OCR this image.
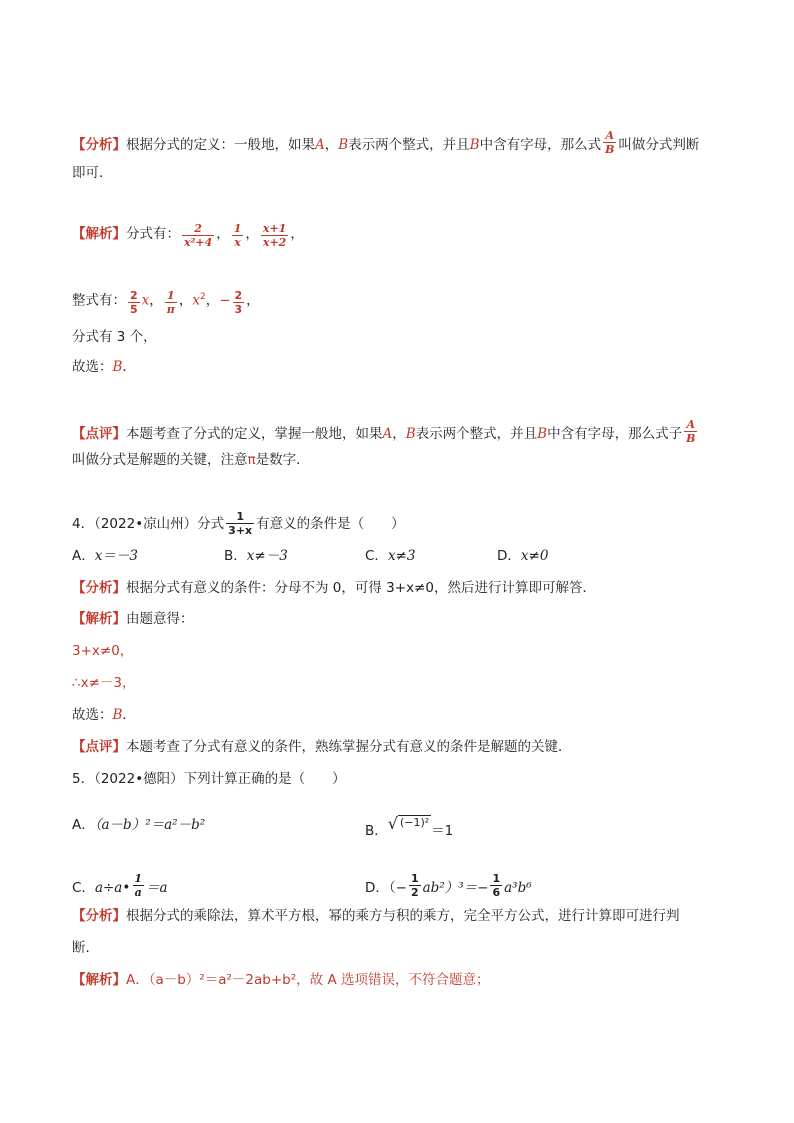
【分析】根据分式的定义：一般地，如果A，B表示两个整式，并且B中含有字母，那么式 $\frac{A}{B}$ 叫做分式判断
即可．
【解析】分式有： $\frac{2}{\text{x²+4}}$ ， $\frac{1}{x}$ ， $\frac{x+1}{x+2}$ ，
整式有： $\frac{2}{5}$ x， $\frac{1}{\pi}$ ，$x^2$，− $\frac{2}{3}$ ，
分式有 3 个，
故选：B．
【点评】本题考查了分式的定义，掌握一般地，如果A，B表示两个整式，并且B中含有字母，那么式子 $\frac{A}{B}$
叫做分式是解题的关键，注意π是数字．
4．（2022•凉山州）分式 $\frac{1}{3+x}$ 有意义的条件是（　　）
A．x＝－3	B．x≠－3	C．x≠3	D．x≠0
【分析】根据分式有意义的条件：分母不为 0，可得 3+x≠0，然后进行计算即可解答．
【解析】由题意得：
3+x≠0，
∴x≠－3，
故选：B．
【点评】本题考查了分式有意义的条件，熟练掌握分式有意义的条件是解题的关键．
5．（2022•德阳）下列计算正确的是（　　）
A．（a－b）²＝a²－b²	B． √ (−1)²
＝1
C．a÷a• $\frac{1}{a} =a$	D．（− $\frac{1}{2} ab^2)^3=- \frac{1}{6} a^3b^6$
【分析】根据分式的乘除法，算术平方根，幂的乘方与积的乘方，完全平方公式，进行计算即可进行判
断．
【解析】A．（a－b）²＝a²－2ab+b²，故 A 选项错误，不符合题意；
